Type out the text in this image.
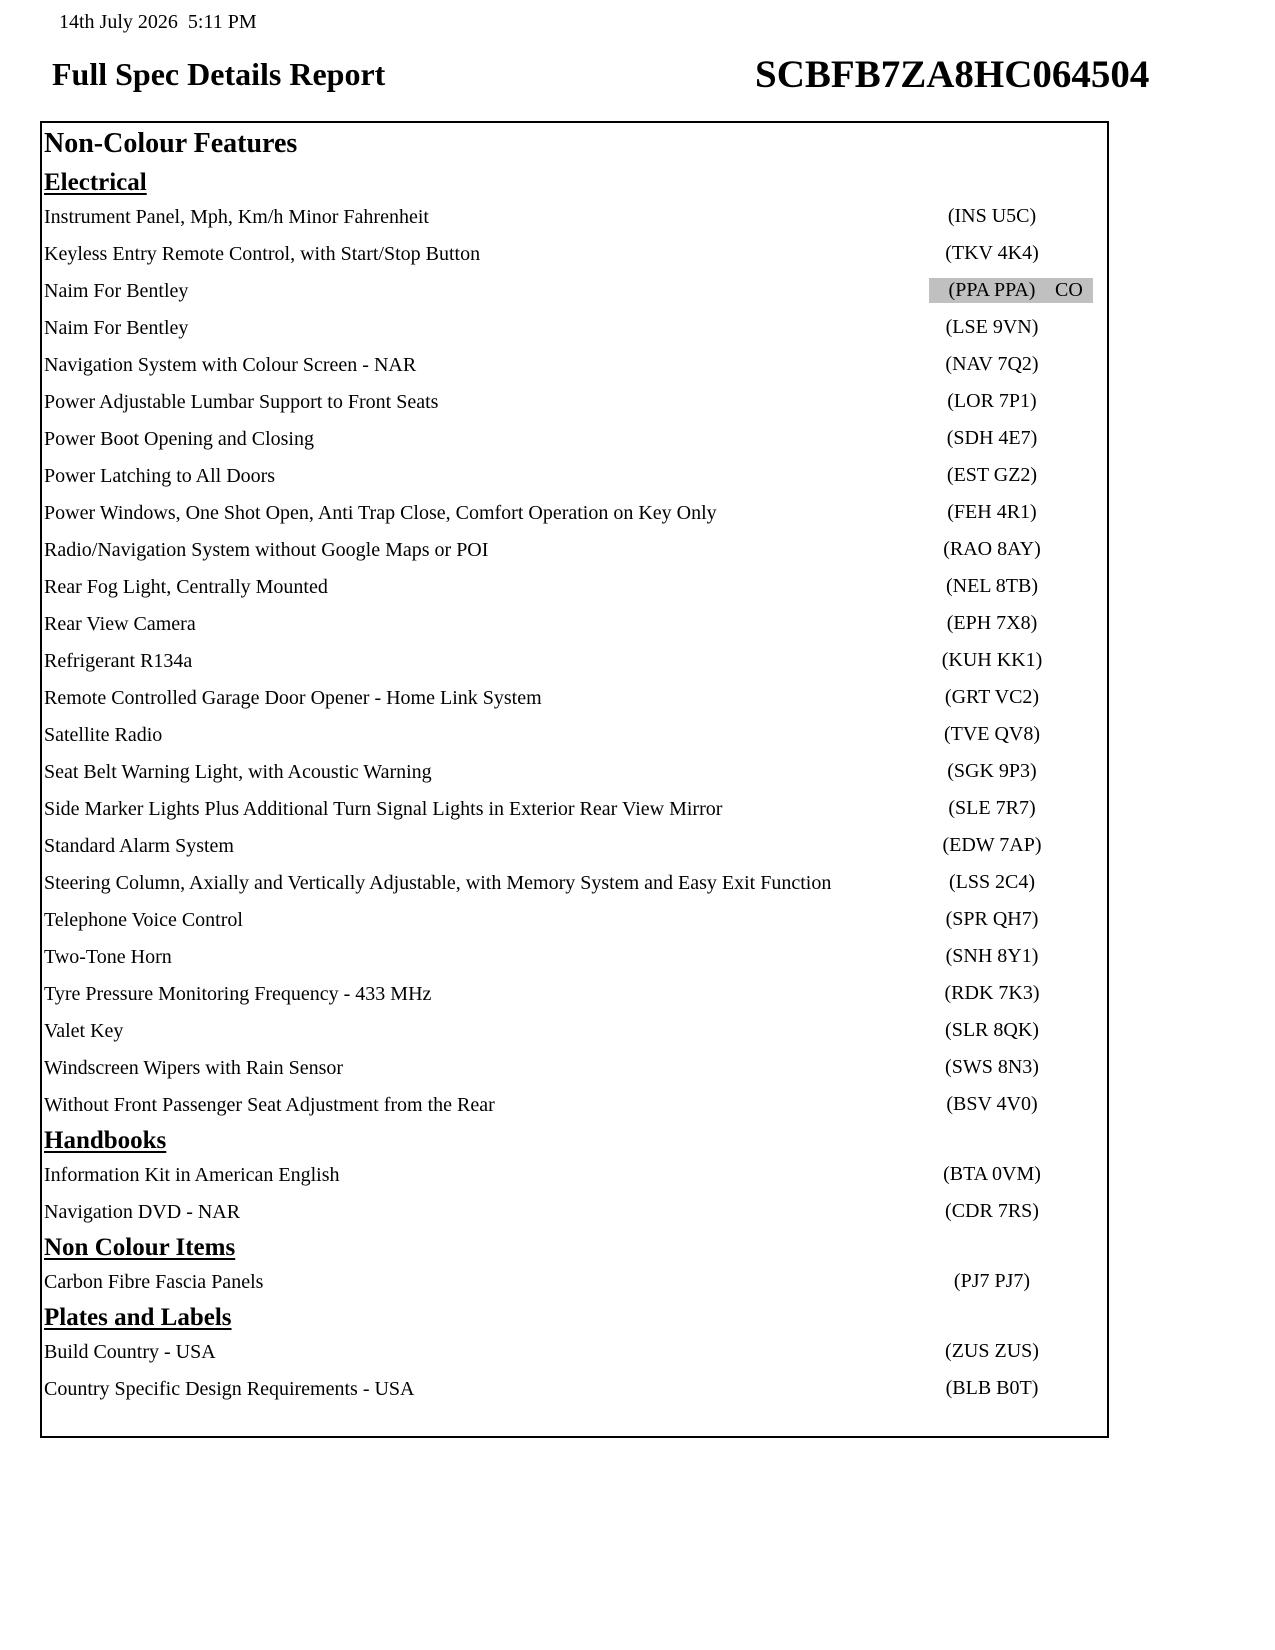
14th July 2026  5:11 PM
Full Spec Details Report	SCBFB7ZA8HC064504
Non-Colour Features
Electrical
Instrument Panel, Mph, Km/h Minor Fahrenheit	(INS U5C)
Keyless Entry Remote Control, with Start/Stop Button	(TKV 4K4)
Naim For Bentley	(PPA PPA) CO
Naim For Bentley	(LSE 9VN)
Navigation System with Colour Screen - NAR	(NAV 7Q2)
Power Adjustable Lumbar Support to Front Seats	(LOR 7P1)
Power Boot Opening and Closing	(SDH 4E7)
Power Latching to All Doors	(EST GZ2)
Power Windows, One Shot Open, Anti Trap Close, Comfort Operation on Key Only	(FEH 4R1)
Radio/Navigation System without Google Maps or POI	(RAO 8AY)
Rear Fog Light, Centrally Mounted	(NEL 8TB)
Rear View Camera	(EPH 7X8)
Refrigerant R134a	(KUH KK1)
Remote Controlled Garage Door Opener - Home Link System	(GRT VC2)
Satellite Radio	(TVE QV8)
Seat Belt Warning Light, with Acoustic Warning	(SGK 9P3)
Side Marker Lights Plus Additional Turn Signal Lights in Exterior Rear View Mirror	(SLE 7R7)
Standard Alarm System	(EDW 7AP)
Steering Column, Axially and Vertically Adjustable, with Memory System and Easy Exit Function	(LSS 2C4)
Telephone Voice Control	(SPR QH7)
Two-Tone Horn	(SNH 8Y1)
Tyre Pressure Monitoring Frequency - 433 MHz	(RDK 7K3)
Valet Key	(SLR 8QK)
Windscreen Wipers with Rain Sensor	(SWS 8N3)
Without Front Passenger Seat Adjustment from the Rear	(BSV 4V0)
Handbooks
Information Kit in American English	(BTA 0VM)
Navigation DVD - NAR	(CDR 7RS)
Non Colour Items
Carbon Fibre Fascia Panels	(PJ7 PJ7)
Plates and Labels
Build Country - USA	(ZUS ZUS)
Country Specific Design Requirements - USA	(BLB B0T)
